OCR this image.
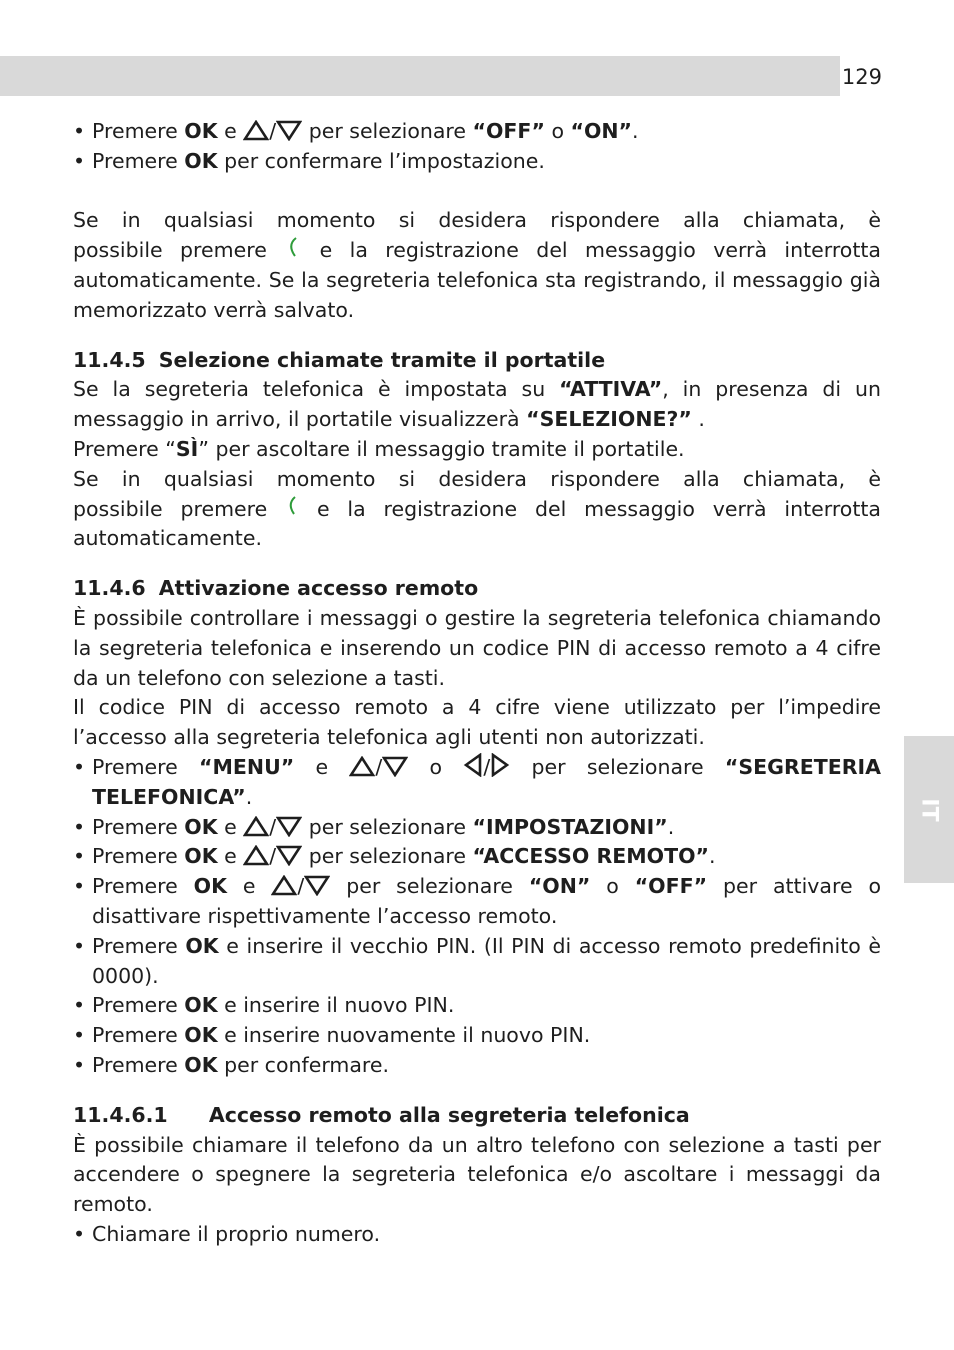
129
IT
• Premere OK e / per selezionare “OFF” o “ON”.
• Premere OK per confermare l’impostazione.

Se in qualsiasi momento si desidera rispondere alla chiamata, è

possibile premere	e la registrazione del messaggio verrà interrotta

automaticamente. Se la segreteria telefonica sta registrando, il messaggio già memorizzato verrà salvato.

11.4.5 Selezione chiamate tramite il portatile

Se la segreteria telefonica è impostata su “ATTIVA”, in presenza di un messaggio in arrivo, il portatile visualizzerà “SELEZIONE?” .

Premere “SÌ” per ascoltare il messaggio tramite il portatile.

Se in qualsiasi momento si desidera rispondere alla chiamata, è

possibile premere e la registrazione del messaggio verrà interrotta

automaticamente.

11.4.6 Attivazione accesso remoto

È possibile controllare i messaggi o gestire la segreteria telefonica chiamando la segreteria telefonica e inserendo un codice PIN di accesso remoto a 4 cifre da un telefono con selezione a tasti.

Il codice PIN di accesso remoto a 4 cifre viene utilizzato per l’impedire l’accesso alla segreteria telefonica agli utenti non autorizzati.

• Premere “MENU” e / o / per selezionare “SEGRETERIA TELEFONICA”.
• Premere OK e / per selezionare “IMPOSTAZIONI”.
• Premere OK e / per selezionare “ACCESSO REMOTO”.
• Premere OK e / per selezionare “ON” o “OFF” per attivare o disattivare rispettivamente l’accesso remoto.
• Premere OK e inserire il vecchio PIN. (Il PIN di accesso remoto predefinito è 0000).
• Premere OK e inserire il nuovo PIN.
• Premere OK e inserire nuovamente il nuovo PIN.
• Premere OK per confermare.
11.4.6.1 Accesso remoto alla segreteria telefonica

È possibile chiamare il telefono da un altro telefono con selezione a tasti per accendere o spegnere la segreteria telefonica e/o ascoltare i messaggi da remoto.

• Chiamare il proprio numero.
